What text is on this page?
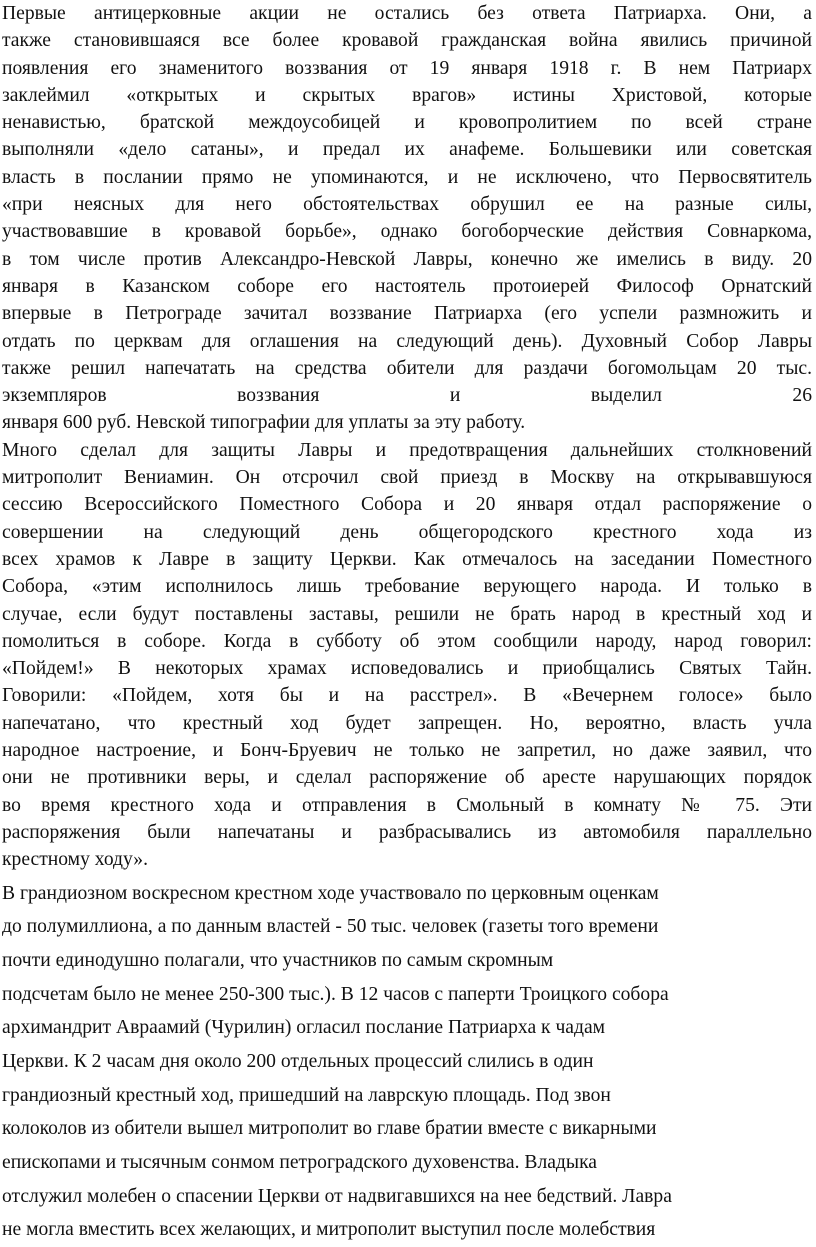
Первые антицерковные акции не остались без ответа Патриарха. Они, а
также становившаяся все более кровавой гражданская война явились причиной
появления его знаменитого воззвания от 19 января 1918 г. В нем Патриарх
заклеймил «открытых и скрытых врагов» истины Христовой, которые
ненавистью, братской междоусобицей и кровопролитием по всей стране
выполняли «дело сатаны», и предал их анафеме. Большевики или советская
власть в послании прямо не упоминаются, и не исключено, что Первосвятитель
«при неясных для него обстоятельствах обрушил ее на разные силы,
участвовавшие в кровавой борьбе», однако богоборческие действия Совнаркома,
в том числе против Александро-Невской Лавры, конечно же имелись в виду. 20
января в Казанском соборе его настоятель протоиерей Философ Орнатский
впервые в Петрограде зачитал воззвание Патриарха (его успели размножить и
отдать по церквам для оглашения на следующий день). Духовный Собор Лавры
также решил напечатать на средства обители для раздачи богомольцам 20 тыс.
экземпляров воззвания и выделил 26
января 600 руб. Невской типографии для уплаты за эту работу.
Много сделал для защиты Лавры и предотвращения дальнейших столкновений
митрополит Вениамин. Он отсрочил свой приезд в Москву на открывавшуюся
сессию Всероссийского Поместного Собора и 20 января отдал распоряжение о
совершении на следующий день общегородского крестного хода из
всех храмов к Лавре в защиту Церкви. Как отмечалось на заседании Поместного
Собора, «этим исполнилось лишь требование верующего народа. И только в
случае, если будут поставлены заставы, решили не брать народ в крестный ход и
помолиться в соборе. Когда в субботу об этом сообщили народу, народ говорил:
«Пойдем!» В некоторых храмах исповедовались и приобщались Святых Тайн.
Говорили: «Пойдем, хотя бы и на расстрел». В «Вечернем голосе» было
напечатано, что крестный ход будет запрещен. Но, вероятно, власть учла
народное настроение, и Бонч-Бруевич не только не запретил, но даже заявил, что
они не противники веры, и сделал распоряжение об аресте нарушающих порядок
во время крестного хода и отправления в Смольный в комнату № 75. Эти
распоряжения были напечатаны и разбрасывались из автомобиля параллельно
крестному ходу».
В грандиозном воскресном крестном ходе участвовало по церковным оценкам
до полумиллиона, а по данным властей - 50 тыс. человек (газеты того времени
почти единодушно полагали, что участников по самым скромным
подсчетам было не менее 250-300 тыс.). В 12 часов с паперти Троицкого собора
архимандрит Авраамий (Чурилин) огласил послание Патриарха к чадам
Церкви. К 2 часам дня около 200 отдельных процессий слились в один
грандиозный крестный ход, пришедший на лаврскую площадь. Под звон
колоколов из обители вышел митрополит во главе братии вместе с викарными
епископами и тысячным сонмом петроградского духовенства. Владыка
отслужил молебен о спасении Церкви от надвигавшихся на нее бедствий. Лавра
не могла вместить всех желающих, и митрополит выступил после молебствия
